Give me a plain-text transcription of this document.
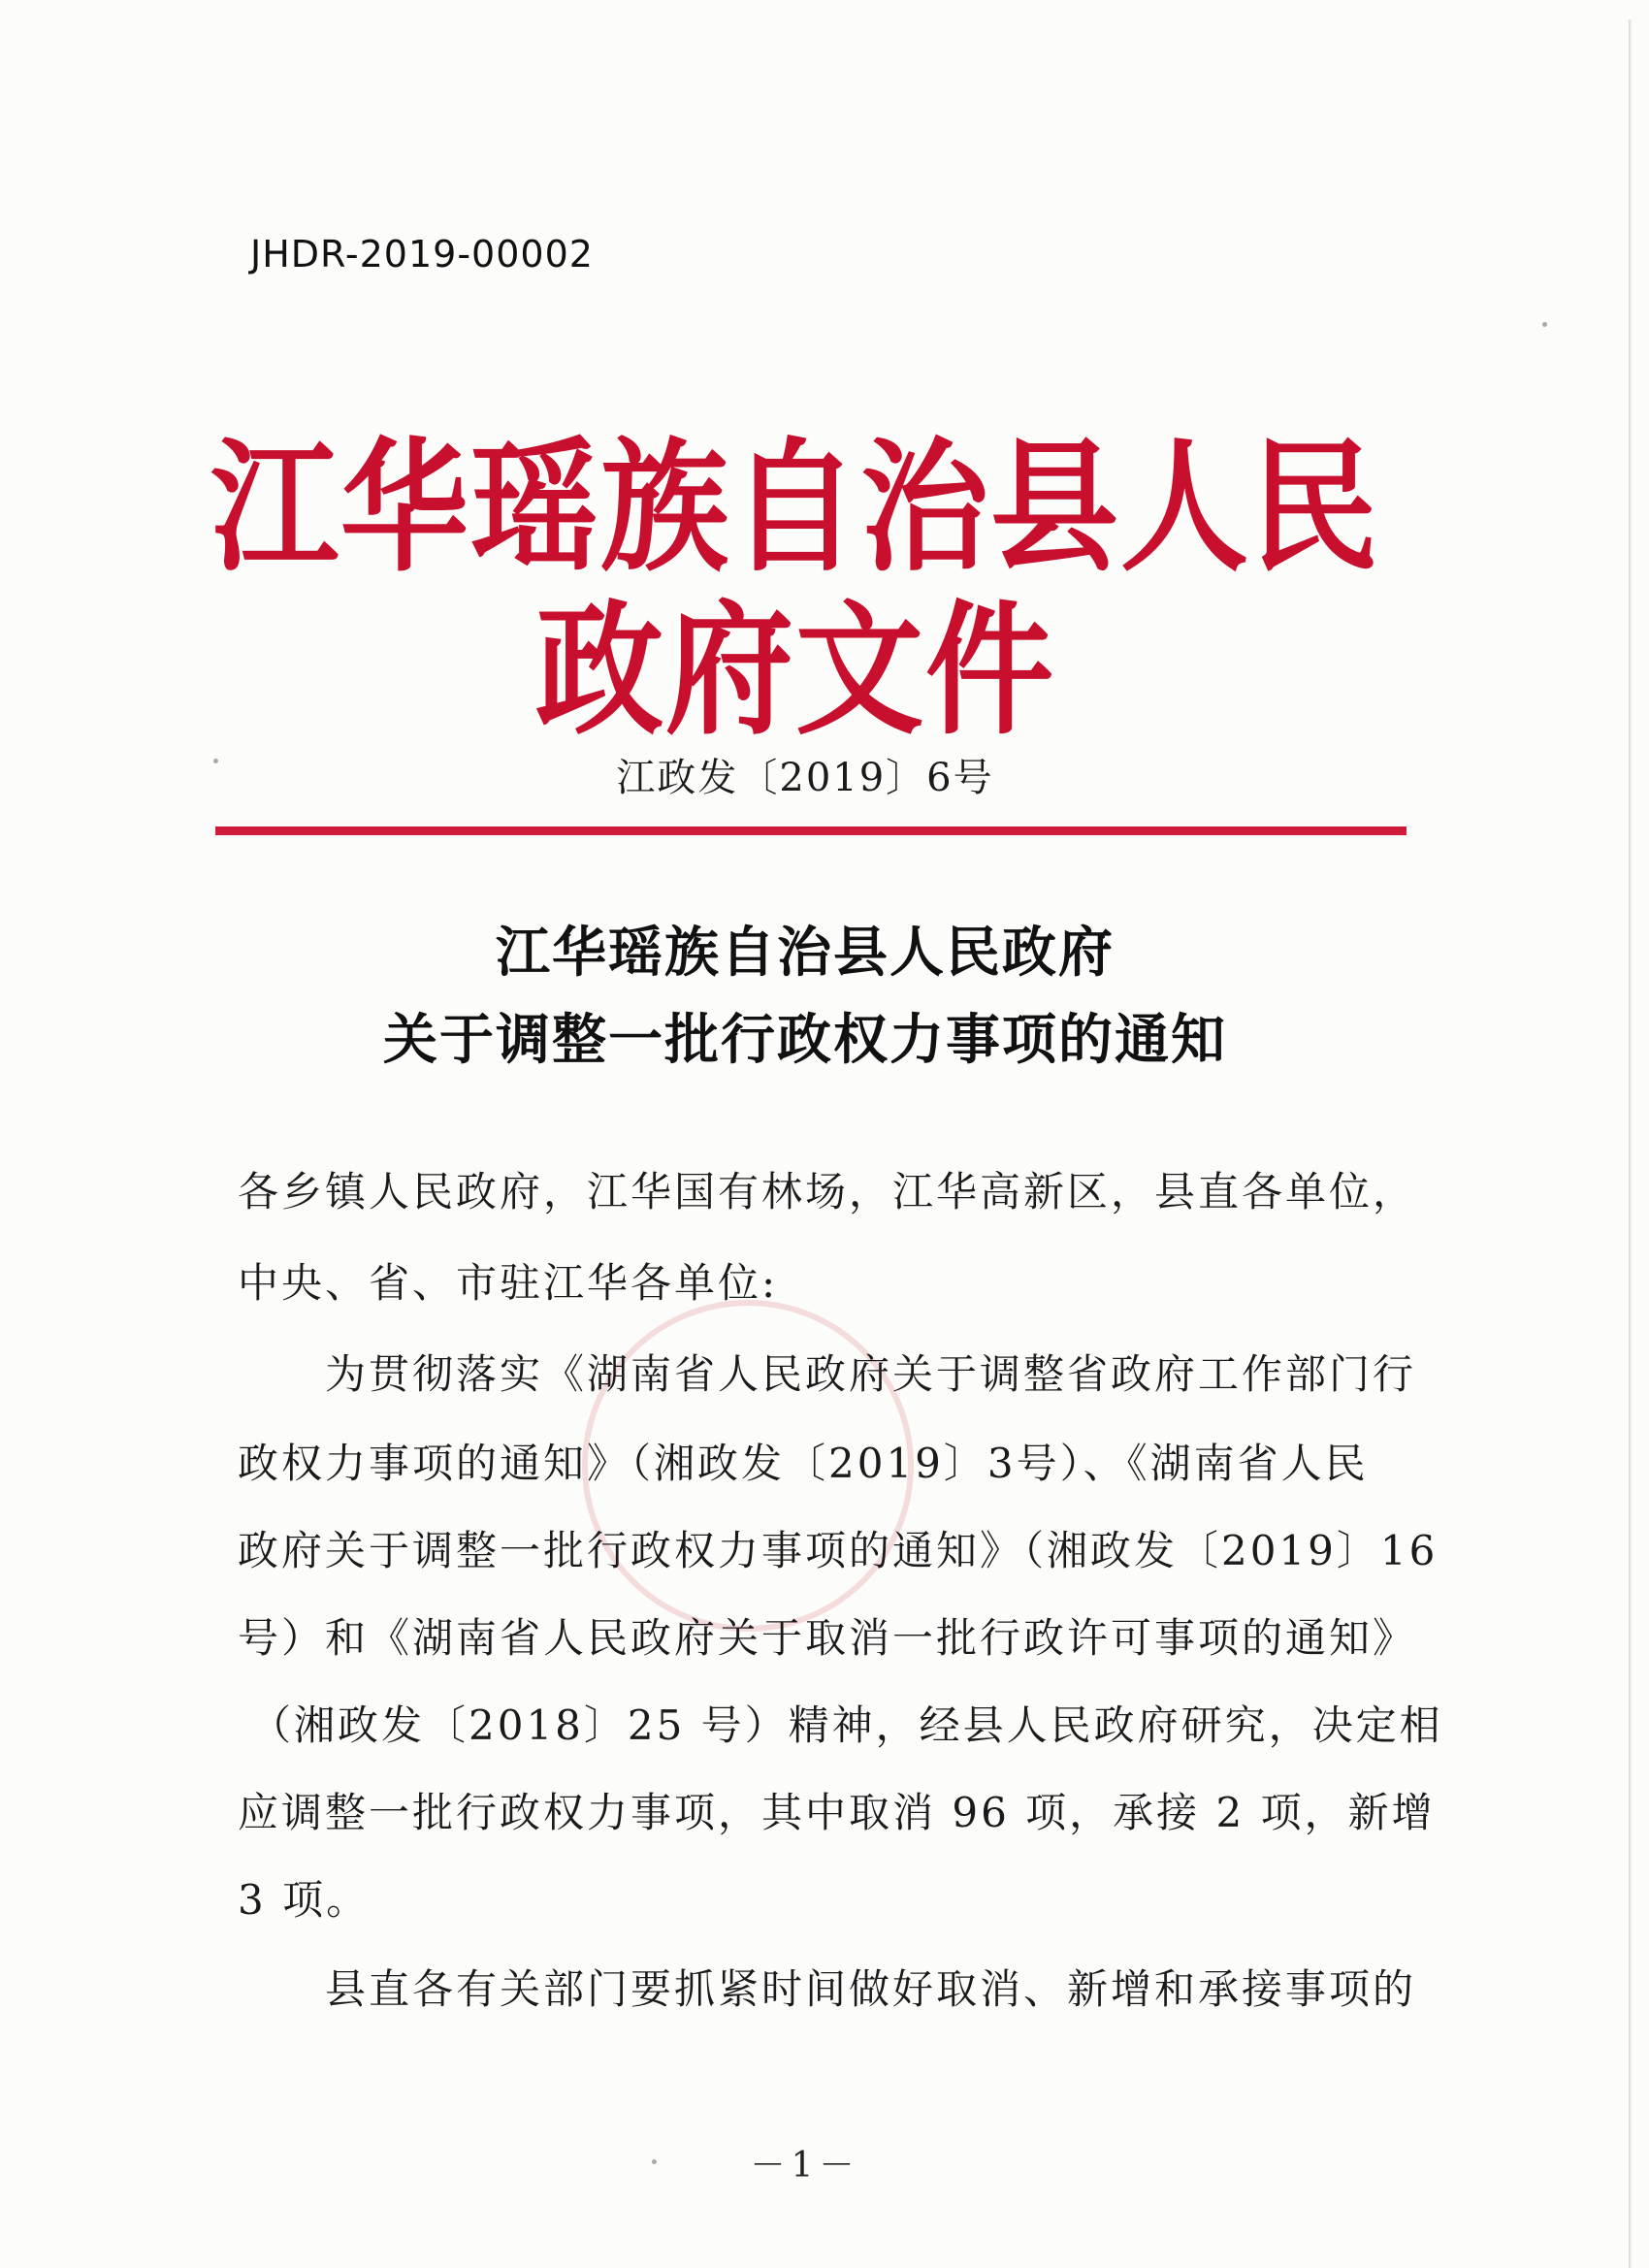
JHDR-2019-00002
江华瑶族自治县人民政府文件
江政发〔2019〕6号
江华瑶族自治县人民政府
关于调整一批行政权力事项的通知
各乡镇人民政府，江华国有林场，江华高新区，县直各单位，
中央、省、市驻江华各单位:
为贯彻落实《湖南省人民政府关于调整省政府工作部门行
政权力事项的通知》（湘政发〔2019〕3号）、《湖南省人民
政府关于调整一批行政权力事项的通知》（湘政发〔2019〕16
号）和《湖南省人民政府关于取消一批行政许可事项的通知》
（湘政发〔2018〕25 号）精神，经县人民政府研究，决定相
应调整一批行政权力事项，其中取消 96 项，承接 2 项，新增
3 项。
县直各有关部门要抓紧时间做好取消、新增和承接事项的
－1－
